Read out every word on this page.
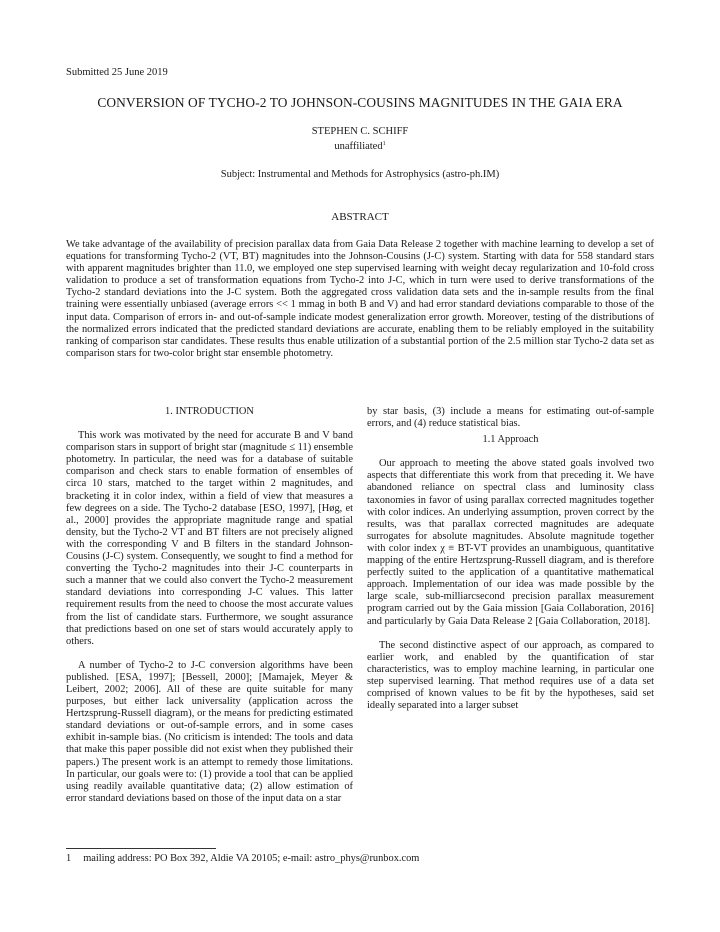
Submitted 25 June 2019
CONVERSION OF TYCHO-2 TO JOHNSON-COUSINS MAGNITUDES IN THE GAIA ERA
STEPHEN C. SCHIFF
unaffiliated$^1$
Subject: Instrumental and Methods for Astrophysics (astro-ph.IM)
ABSTRACT
We take advantage of the availability of precision parallax data from Gaia Data Release 2 together with machine learning to develop a set of equations for transforming Tycho-2 (VT, BT) magnitudes into the Johnson-Cousins (J-C) system. Starting with data for 558 standard stars with apparent magnitudes brighter than 11.0, we employed one step supervised learning with weight decay regularization and 10-fold cross validation to produce a set of transformation equations from Tycho-2 into J-C, which in turn were used to derive transformations of the Tycho-2 standard deviations into the J-C system. Both the aggregated cross validation data sets and the in-sample results from the final training were essentially unbiased (average errors << 1 mmag in both B and V) and had error standard deviations comparable to those of the input data. Comparison of errors in- and out-of-sample indicate modest generalization error growth. Moreover, testing of the distributions of the normalized errors indicated that the predicted standard deviations are accurate, enabling them to be reliably employed in the suitability ranking of comparison star candidates. These results thus enable utilization of a substantial portion of the 2.5 million star Tycho-2 data set as comparison stars for two-color bright star ensemble photometry.

1. INTRODUCTION

This work was motivated by the need for accurate B and V band comparison stars in support of bright star (magnitude ≤ 11) ensemble photometry. In particular, the need was for a database of suitable comparison and check stars to enable formation of ensembles of circa 10 stars, matched to the target within 2 magnitudes, and bracketing it in color index, within a field of view that measures a few degrees on a side. The Tycho-2 database [ESO, 1997], [Høg, et al., 2000] provides the appropriate magnitude range and spatial density, but the Tycho-2 VT and BT filters are not precisely aligned with the corresponding V and B filters in the standard Johnson-Cousins (J-C) system. Consequently, we sought to find a method for converting the Tycho-2 magnitudes into their J-C counterparts in such a manner that we could also convert the Tycho-2 measurement standard deviations into corresponding J-C values. This latter requirement results from the need to choose the most accurate values from the list of candidate stars. Furthermore, we sought assurance that predictions based on one set of stars would accurately apply to others.

A number of Tycho-2 to J-C conversion algorithms have been published. [ESA, 1997]; [Bessell, 2000]; [Mamajek, Meyer & Leibert, 2002; 2006]. All of these are quite suitable for many purposes, but either lack universality (application across the Hertzsprung-Russell diagram), or the means for predicting estimated standard deviations or out-of-sample errors, and in some cases exhibit in-sample bias. (No criticism is intended: The tools and data that make this paper possible did not exist when they published their papers.) The present work is an attempt to remedy those limitations. In particular, our goals were to: (1) provide a tool that can be applied using readily available quantitative data; (2) allow estimation of error standard deviations based on those of the input data on a star

by star basis, (3) include a means for estimating out-of-sample errors, and (4) reduce statistical bias.

1.1 Approach

Our approach to meeting the above stated goals involved two aspects that differentiate this work from that preceding it. We have abandoned reliance on spectral class and luminosity class taxonomies in favor of using parallax corrected magnitudes together with color indices. An underlying assumption, proven correct by the results, was that parallax corrected magnitudes are adequate surrogates for absolute magnitudes. Absolute magnitude together with color index χ ≡ BT-VT provides an unambiguous, quantitative mapping of the entire Hertzsprung-Russell diagram, and is therefore perfectly suited to the application of a quantitative mathematical approach. Implementation of our idea was made possible by the large scale, sub-milliarcsecond precision parallax measurement program carried out by the Gaia mission [Gaia Collaboration, 2016] and particularly by Gaia Data Release 2 [Gaia Collaboration, 2018].

The second distinctive aspect of our approach, as compared to earlier work, and enabled by the quantification of star characteristics, was to employ machine learning, in particular one step supervised learning. That method requires use of a data set comprised of known values to be fit by the hypotheses, said set ideally separated into a larger subset

1 mailing address: PO Box 392, Aldie VA 20105; e-mail: astro_phys@runbox.com
